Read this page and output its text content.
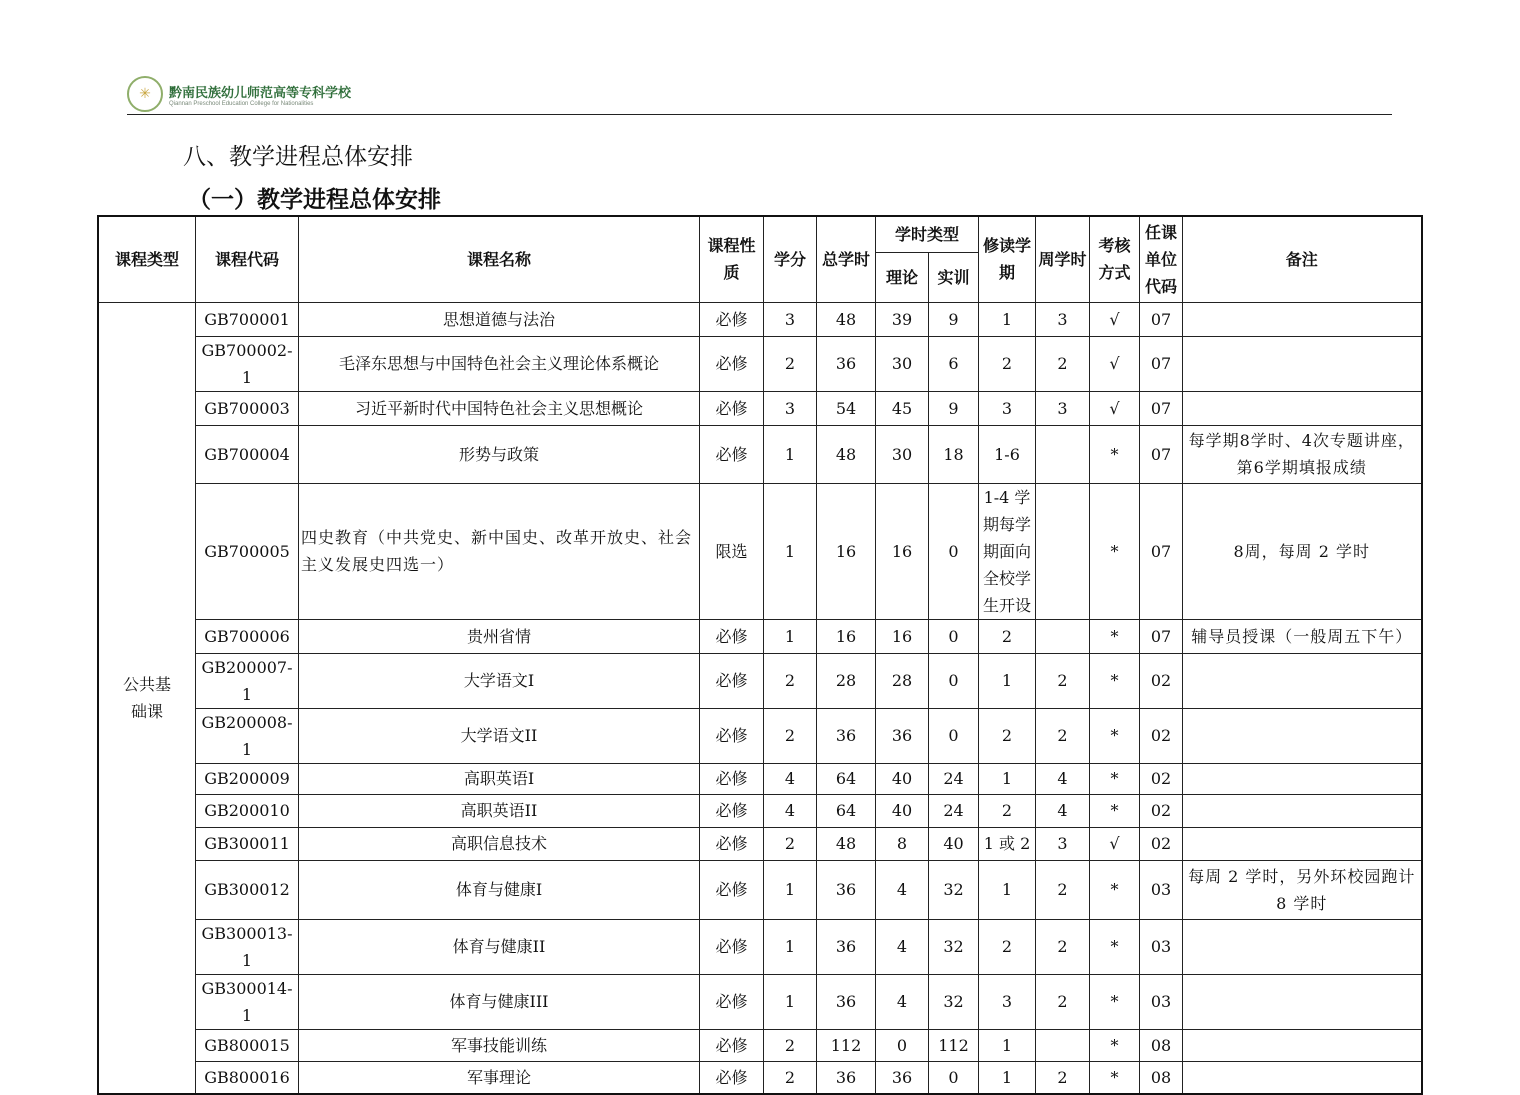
✳	黔南民族幼儿师范高等专科学校
Qiannan Preschool Education College for Nationalities
八、教学进程总体安排
（一）教学进程总体安排
课程类型	课程代码	课程名称	课程性质	学分	总学时	学时类型		修读学期	周学时	考核方式	任课单位代码	备注
						理论	实训					
公共基础课	GB700001	思想道德与法治	必修	3	48	39	9	1	3	√	07	
	GB700002-1	毛泽东思想与中国特色社会主义理论体系概论	必修	2	36	30	6	2	2	√	07	
	GB700003	习近平新时代中国特色社会主义思想概论	必修	3	54	45	9	3	3	√	07	
	GB700004	形势与政策	必修	1	48	30	18	1-6		*	07	每学期8学时、4次专题讲座，第6学期填报成绩
	GB700005	四史教育（中共党史、新中国史、改革开放史、社会主义发展史四选一）	限选	1	16	16	0	1-4 学期每学期面向全校学生开设		*	07	8周，每周 2 学时
	GB700006	贵州省情	必修	1	16	16	0	2		*	07	辅导员授课（一般周五下午）
	GB200007-1	大学语文I	必修	2	28	28	0	1	2	*	02	
	GB200008-1	大学语文II	必修	2	36	36	0	2	2	*	02	
	GB200009	高职英语I	必修	4	64	40	24	1	4	*	02	
	GB200010	高职英语II	必修	4	64	40	24	2	4	*	02	
	GB300011	高职信息技术	必修	2	48	8	40	1 或 2	3	√	02	
	GB300012	体育与健康I	必修	1	36	4	32	1	2	*	03	每周 2 学时，另外环校园跑计 8 学时
	GB300013-1	体育与健康II	必修	1	36	4	32	2	2	*	03	
	GB300014-1	体育与健康III	必修	1	36	4	32	3	2	*	03	
	GB800015	军事技能训练	必修	2	112	0	112	1		*	08	
	GB800016	军事理论	必修	2	36	36	0	1	2	*	08	
